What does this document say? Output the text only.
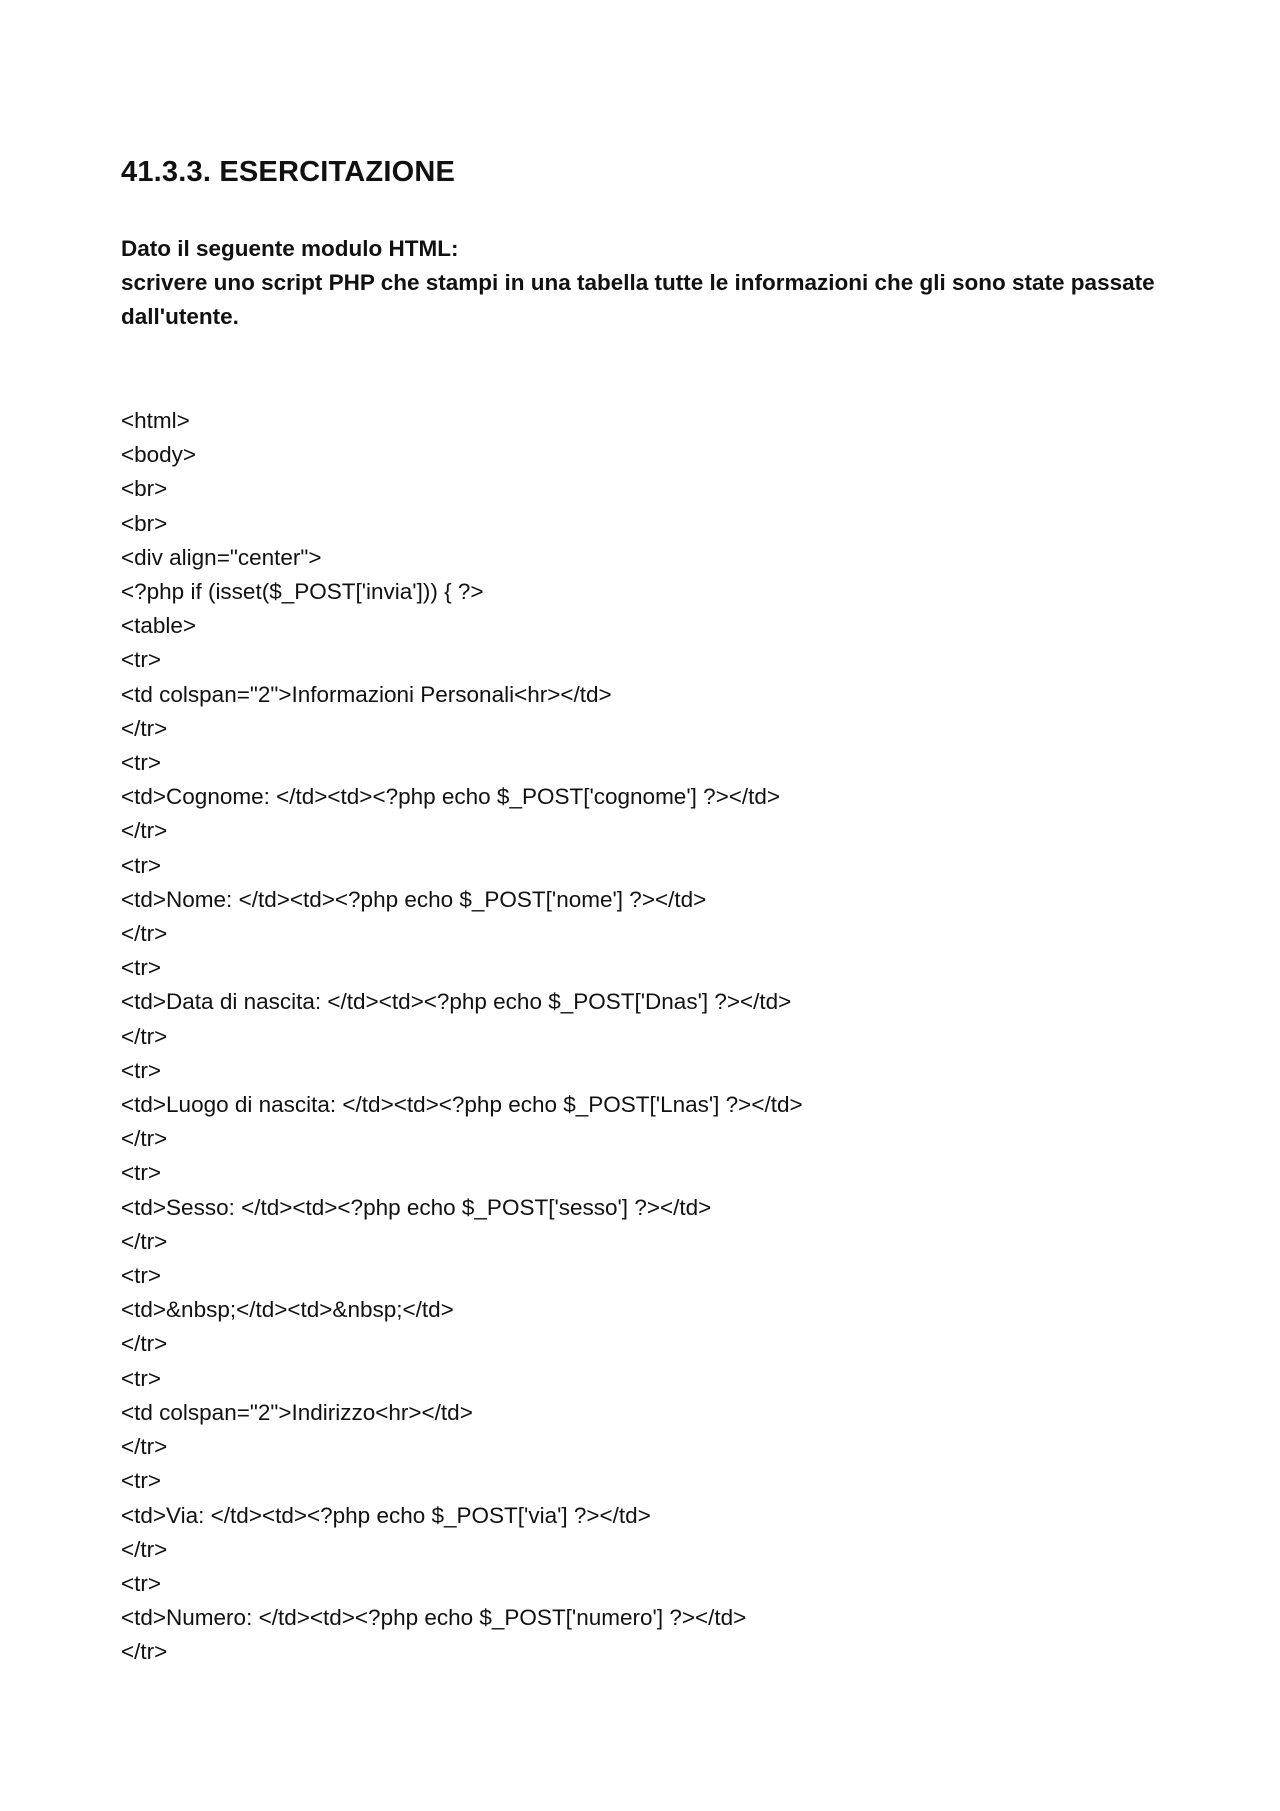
41.3.3. ESERCITAZIONE
Dato il seguente modulo HTML:
scrivere uno script PHP che stampi in una tabella tutte le informazioni che gli sono state passate
dall'utente.
<html>
<body>
<br>
<br>
<div align="center">
<?php if (isset($_POST['invia'])) { ?>
<table>
<tr>
<td colspan="2">Informazioni Personali<hr></td>
</tr>
<tr>
<td>Cognome: </td><td><?php echo $_POST['cognome'] ?></td>
</tr>
<tr>
<td>Nome: </td><td><?php echo $_POST['nome'] ?></td>
</tr>
<tr>
<td>Data di nascita: </td><td><?php echo $_POST['Dnas'] ?></td>
</tr>
<tr>
<td>Luogo di nascita: </td><td><?php echo $_POST['Lnas'] ?></td>
</tr>
<tr>
<td>Sesso: </td><td><?php echo $_POST['sesso'] ?></td>
</tr>
<tr>
<td>&nbsp;</td><td>&nbsp;</td>
</tr>
<tr>
<td colspan="2">Indirizzo<hr></td>
</tr>
<tr>
<td>Via: </td><td><?php echo $_POST['via'] ?></td>
</tr>
<tr>
<td>Numero: </td><td><?php echo $_POST['numero'] ?></td>
</tr>
